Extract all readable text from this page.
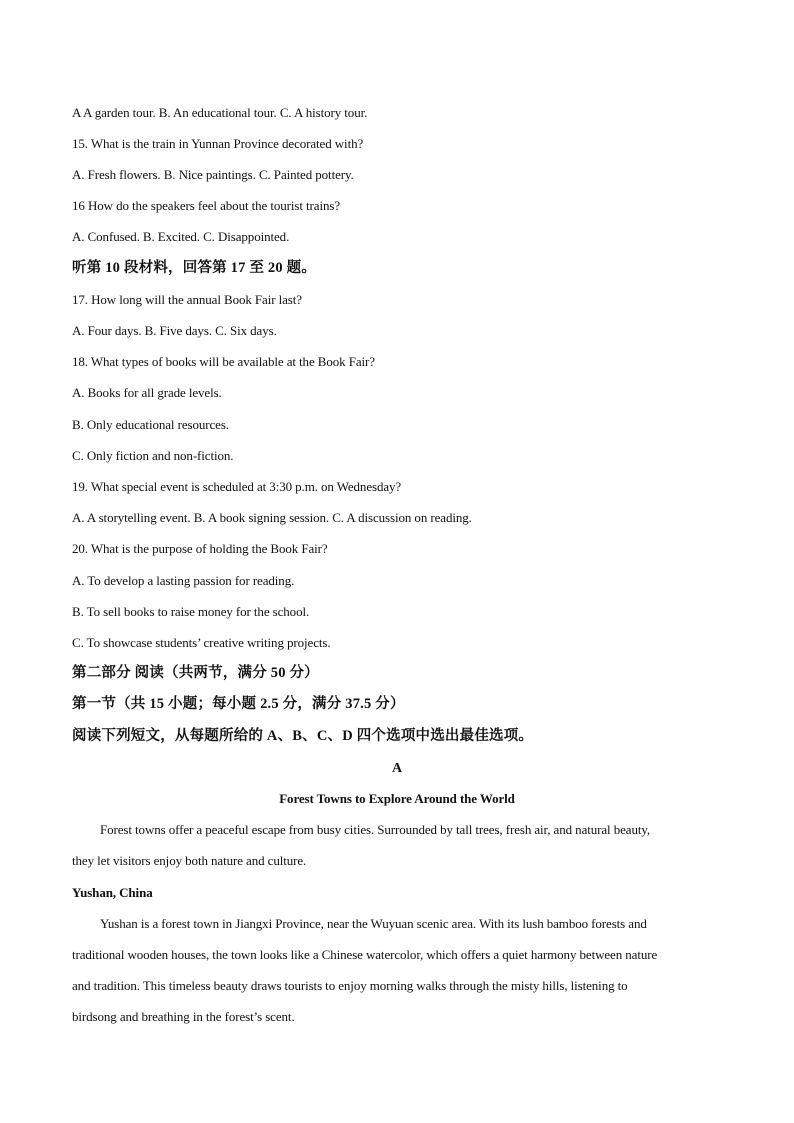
A A garden tour. B. An educational tour. C. A history tour.
15. What is the train in Yunnan Province decorated with?
A. Fresh flowers. B. Nice paintings. C. Painted pottery.
16 How do the speakers feel about the tourist trains?
A. Confused. B. Excited. C. Disappointed.
听第 10 段材料，回答第 17 至 20 题。
17. How long will the annual Book Fair last?
A. Four days. B. Five days. C. Six days.
18. What types of books will be available at the Book Fair?
A. Books for all grade levels.
B. Only educational resources.
C. Only fiction and non-fiction.
19. What special event is scheduled at 3:30 p.m. on Wednesday?
A. A storytelling event. B. A book signing session. C. A discussion on reading.
20. What is the purpose of holding the Book Fair?
A. To develop a lasting passion for reading.
B. To sell books to raise money for the school.
C. To showcase students’ creative writing projects.
第二部分 阅读（共两节，满分 50 分）
第一节（共 15 小题；每小题 2.5 分，满分 37.5 分）
阅读下列短文，从每题所给的 A、B、C、D 四个选项中选出最佳选项。
A
Forest Towns to Explore Around the World
Forest towns offer a peaceful escape from busy cities. Surrounded by tall trees, fresh air, and natural beauty,
they let visitors enjoy both nature and culture.
Yushan, China
Yushan is a forest town in Jiangxi Province, near the Wuyuan scenic area. With its lush bamboo forests and
traditional wooden houses, the town looks like a Chinese watercolor, which offers a quiet harmony between nature
and tradition. This timeless beauty draws tourists to enjoy morning walks through the misty hills, listening to
birdsong and breathing in the forest’s scent.
